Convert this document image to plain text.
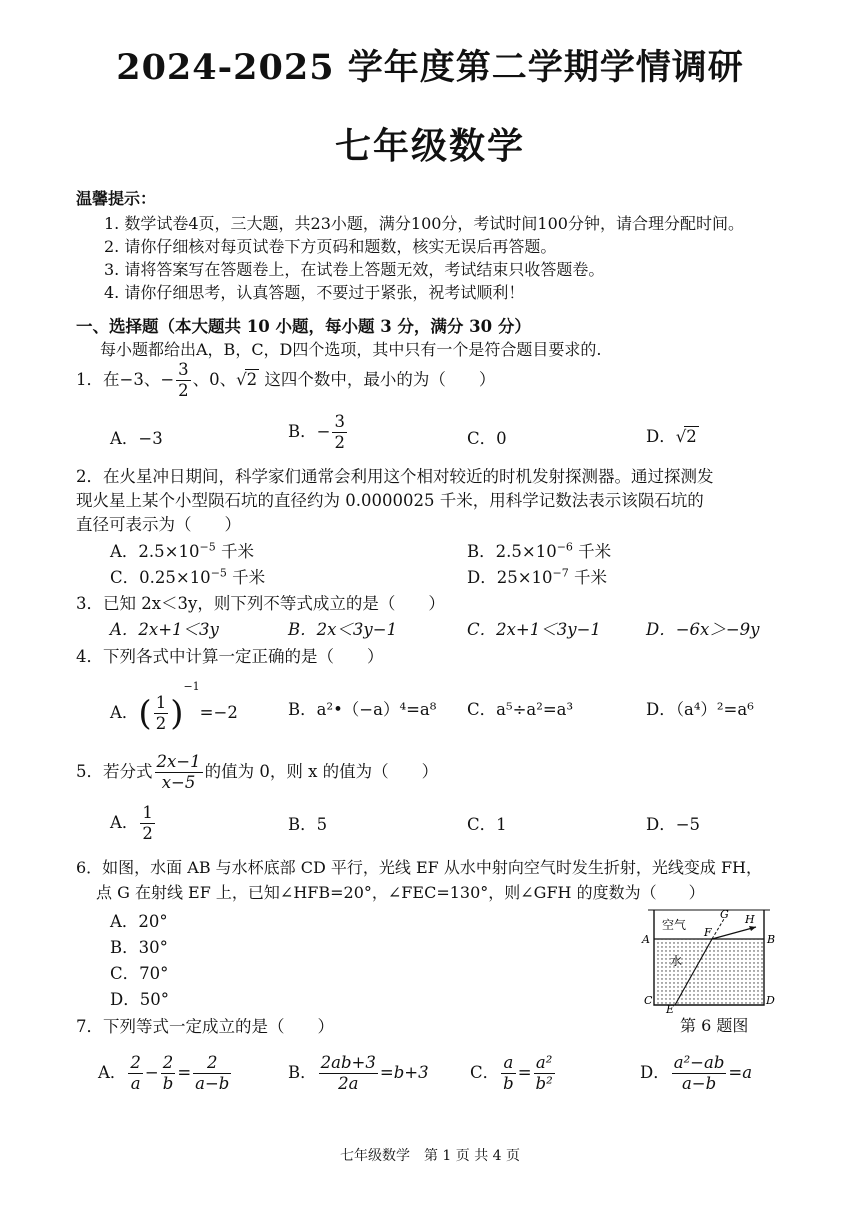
2024-2025 学年度第二学期学情调研
七年级数学
温馨提示：
1. 数学试卷4页，三大题，共23小题，满分100分，考试时间100分钟，请合理分配时间。
2. 请你仔细核对每页试卷下方页码和题数，核实无误后再答题。
3. 请将答案写在答题卷上，在试卷上答题无效，考试结束只收答题卷。
4. 请你仔细思考，认真答题，不要过于紧张，祝考试顺利！
一、选择题（本大题共 10 小题，每小题 3 分，满分 30 分）
每小题都给出A，B，C，D四个选项，其中只有一个是符合题目要求的.
1．在−3、− $\frac{3}{2}$ 、0、√2 这四个数中，最小的为（　　）
A．−3	B．− $\frac{3}{2}$	C．0	D．√2
2．在火星冲日期间，科学家们通常会利用这个相对较近的时机发射探测器。通过探测发
现火星上某个小型陨石坑的直径约为 0.0000025 千米，用科学记数法表示该陨石坑的
直径可表示为（　　）
A．$2.5\times 10^{-5}$ 千米	B．$2.5\times 10^{-6}$ 千米
C．$0.25\times 10^{-5}$ 千米	D．$25\times 10^{-7}$ 千米
3．已知 2x＜3y，则下列不等式成立的是（　　）
A．2x+1＜3y	B．2x＜3y−1	C．2x+1＜3y−1	D．−6x＞−9y
4．下列各式中计算一定正确的是（　　）
A．( $\frac{1}{2} )^{-1}=-2$	B．a²•（−a）⁴=a⁸ C．a⁵÷a²=a³	D．（a⁴）²=a⁶
5．若分式 $\frac{2x-1}{x-5}$ 的值为 0，则 x 的值为（　　）
A． $\frac{1}{2}$	B．5	C．1	D．−5
6．如图，水面 AB 与水杯底部 CD 平行，光线 EF 从水中射向空气时发生折射，光线变成 FH，
点 G 在射线 EF 上，已知∠HFB=20°，∠FEC=130°，则∠GFH 的度数为（　　）
A．20°
B．30°
C．70°
D．50°
空气
水
A	B
C	D
E
F
G H
第 6 题图
7．下列等式一定成立的是（　　）
A． $\frac{2}{a} - \frac{2}{b} = \frac{2}{a-b}$	B． $\frac{2ab+3}{2a} =b+3$	C． $\frac{a}{b} = \frac{\text{a²}}{\text{b²}}$	D． $\frac{\text{a²−ab}}{a-b} =a$
七年级数学　第 1 页 共 4 页
